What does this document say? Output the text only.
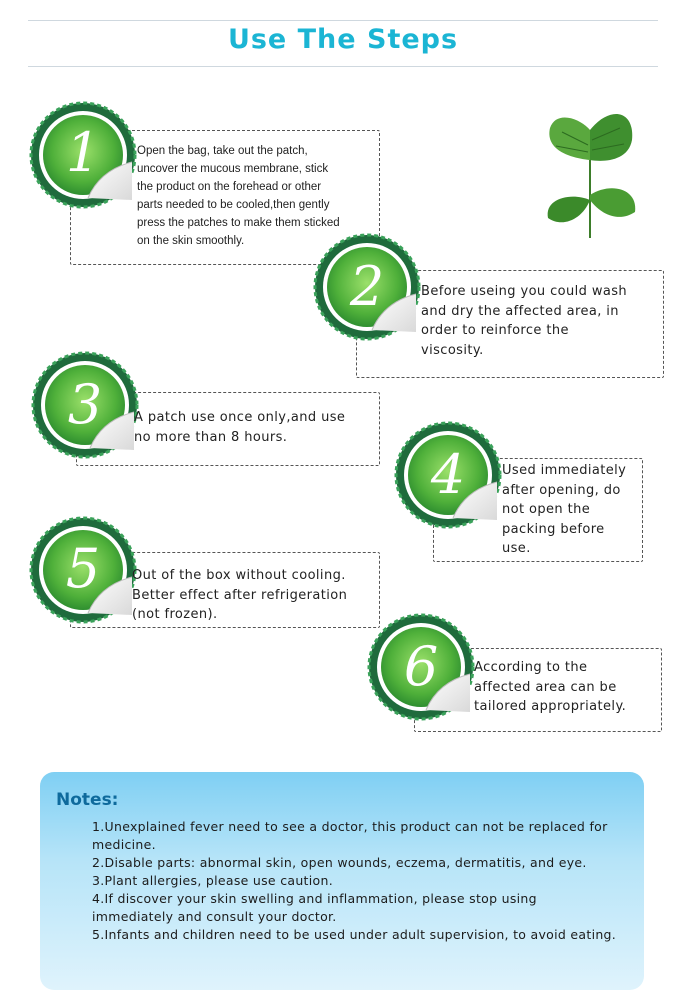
Use The Steps
1	Open the bag, take out the patch,
uncover the mucous membrane, stick
the product on the forehead or other
parts needed to be cooled,then gently
press the patches to make them sticked
on the skin smoothly.
2	Before useing you could wash
and dry the affected area, in
order to reinforce the
viscosity.
3	A patch use once only,and use
no more than 8 hours.
4	Used immediately
after opening, do
not open the
packing before
use.
5	Out of the box without cooling.
Better effect after refrigeration
(not frozen).
6	According to the
affected area can be
tailored appropriately.
Notes:
1.Unexplained fever need to see a doctor, this product can not be replaced for medicine.
2.Disable parts: abnormal skin, open wounds, eczema, dermatitis, and eye.
3.Plant allergies, please use caution.
4.If discover your skin swelling and inflammation, please stop using immediately and consult your doctor.
5.Infants and children need to be used under adult supervision, to avoid eating.
